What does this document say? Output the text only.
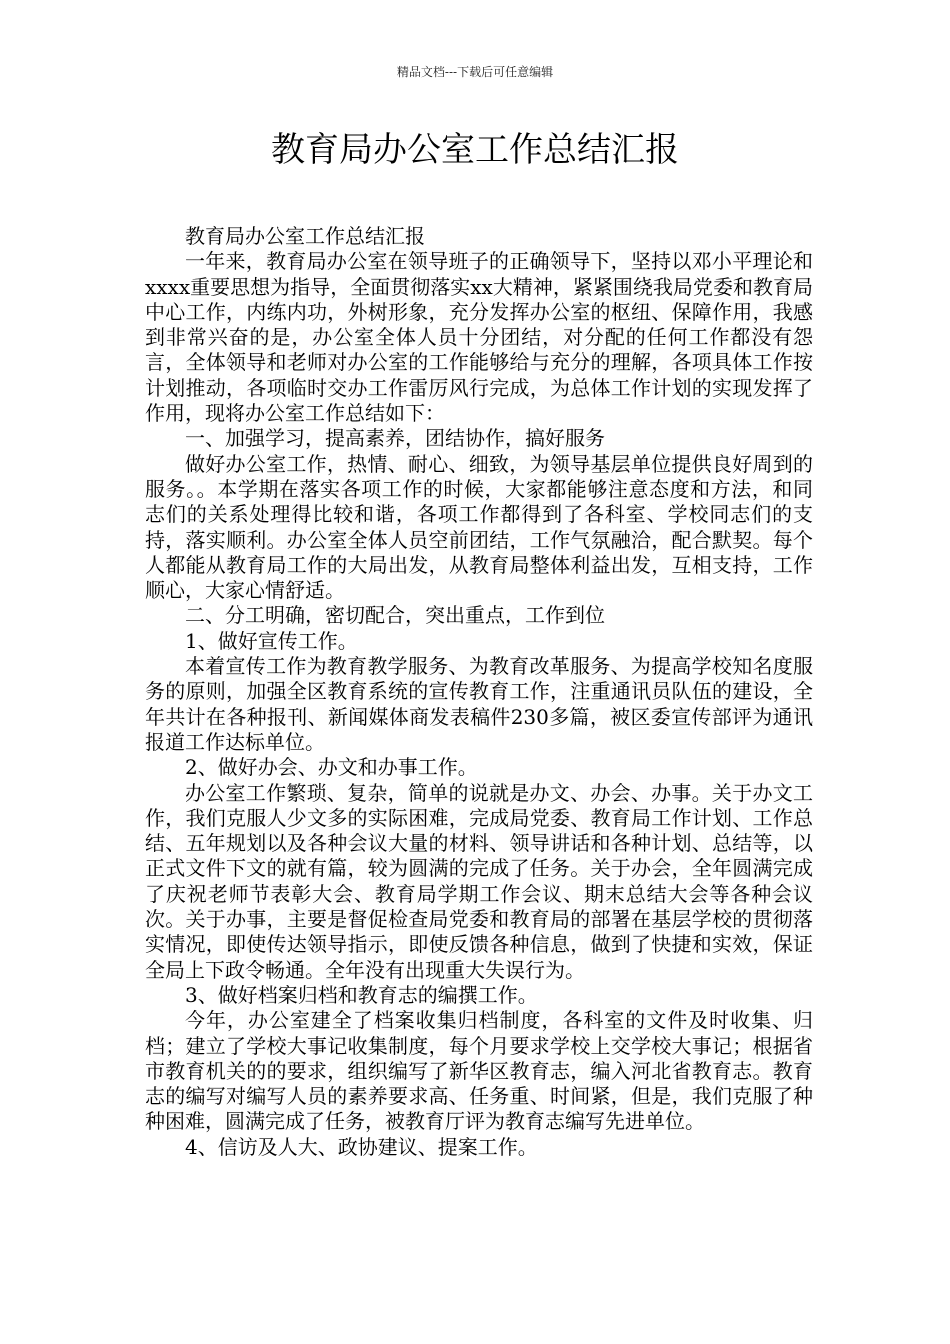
精品文档---下载后可任意编辑
教育局办公室工作总结汇报

教育局办公室工作总结汇报

一年来，教育局办公室在领导班子的正确领导下，坚持以邓小平理论和xxxx重要思想为指导，全面贯彻落实xx大精神，紧紧围绕我局党委和教育局中心工作，内练内功，外树形象，充分发挥办公室的枢纽、保障作用，我感到非常兴奋的是，办公室全体人员十分团结，对分配的任何工作都没有怨言，全体领导和老师对办公室的工作能够给与充分的理解，各项具体工作按计划推动，各项临时交办工作雷厉风行完成，为总体工作计划的实现发挥了作用，现将办公室工作总结如下：

一、加强学习，提高素养，团结协作，搞好服务

做好办公室工作，热情、耐心、细致，为领导基层单位提供良好周到的服务。。本学期在落实各项工作的时候，大家都能够注意态度和方法，和同志们的关系处理得比较和谐，各项工作都得到了各科室、学校同志们的支持，落实顺利。办公室全体人员空前团结，工作气氛融洽，配合默契。每个人都能从教育局工作的大局出发，从教育局整体利益出发，互相支持，工作顺心，大家心情舒适。

二、分工明确，密切配合，突出重点，工作到位

1、做好宣传工作。

本着宣传工作为教育教学服务、为教育改革服务、为提高学校知名度服务的原则，加强全区教育系统的宣传教育工作，注重通讯员队伍的建设，全年共计在各种报刊、新闻媒体商发表稿件230多篇，被区委宣传部评为通讯报道工作达标单位。

2、做好办会、办文和办事工作。

办公室工作繁琐、复杂，简单的说就是办文、办会、办事。关于办文工作，我们克服人少文多的实际困难，完成局党委、教育局工作计划、工作总结、五年规划以及各种会议大量的材料、领导讲话和各种计划、总结等，以正式文件下文的就有篇，较为圆满的完成了任务。关于办会，全年圆满完成了庆祝老师节表彰大会、教育局学期工作会议、期末总结大会等各种会议次。关于办事，主要是督促检查局党委和教育局的部署在基层学校的贯彻落实情况，即使传达领导指示，即使反馈各种信息，做到了快捷和实效，保证全局上下政令畅通。全年没有出现重大失误行为。

3、做好档案归档和教育志的编撰工作。

今年，办公室建全了档案收集归档制度，各科室的文件及时收集、归档；建立了学校大事记收集制度，每个月要求学校上交学校大事记；根据省市教育机关的的要求，组织编写了新华区教育志，编入河北省教育志。教育志的编写对编写人员的素养要求高、任务重、时间紧，但是，我们克服了种种困难，圆满完成了任务，被教育厅评为教育志编写先进单位。

4、信访及人大、政协建议、提案工作。
